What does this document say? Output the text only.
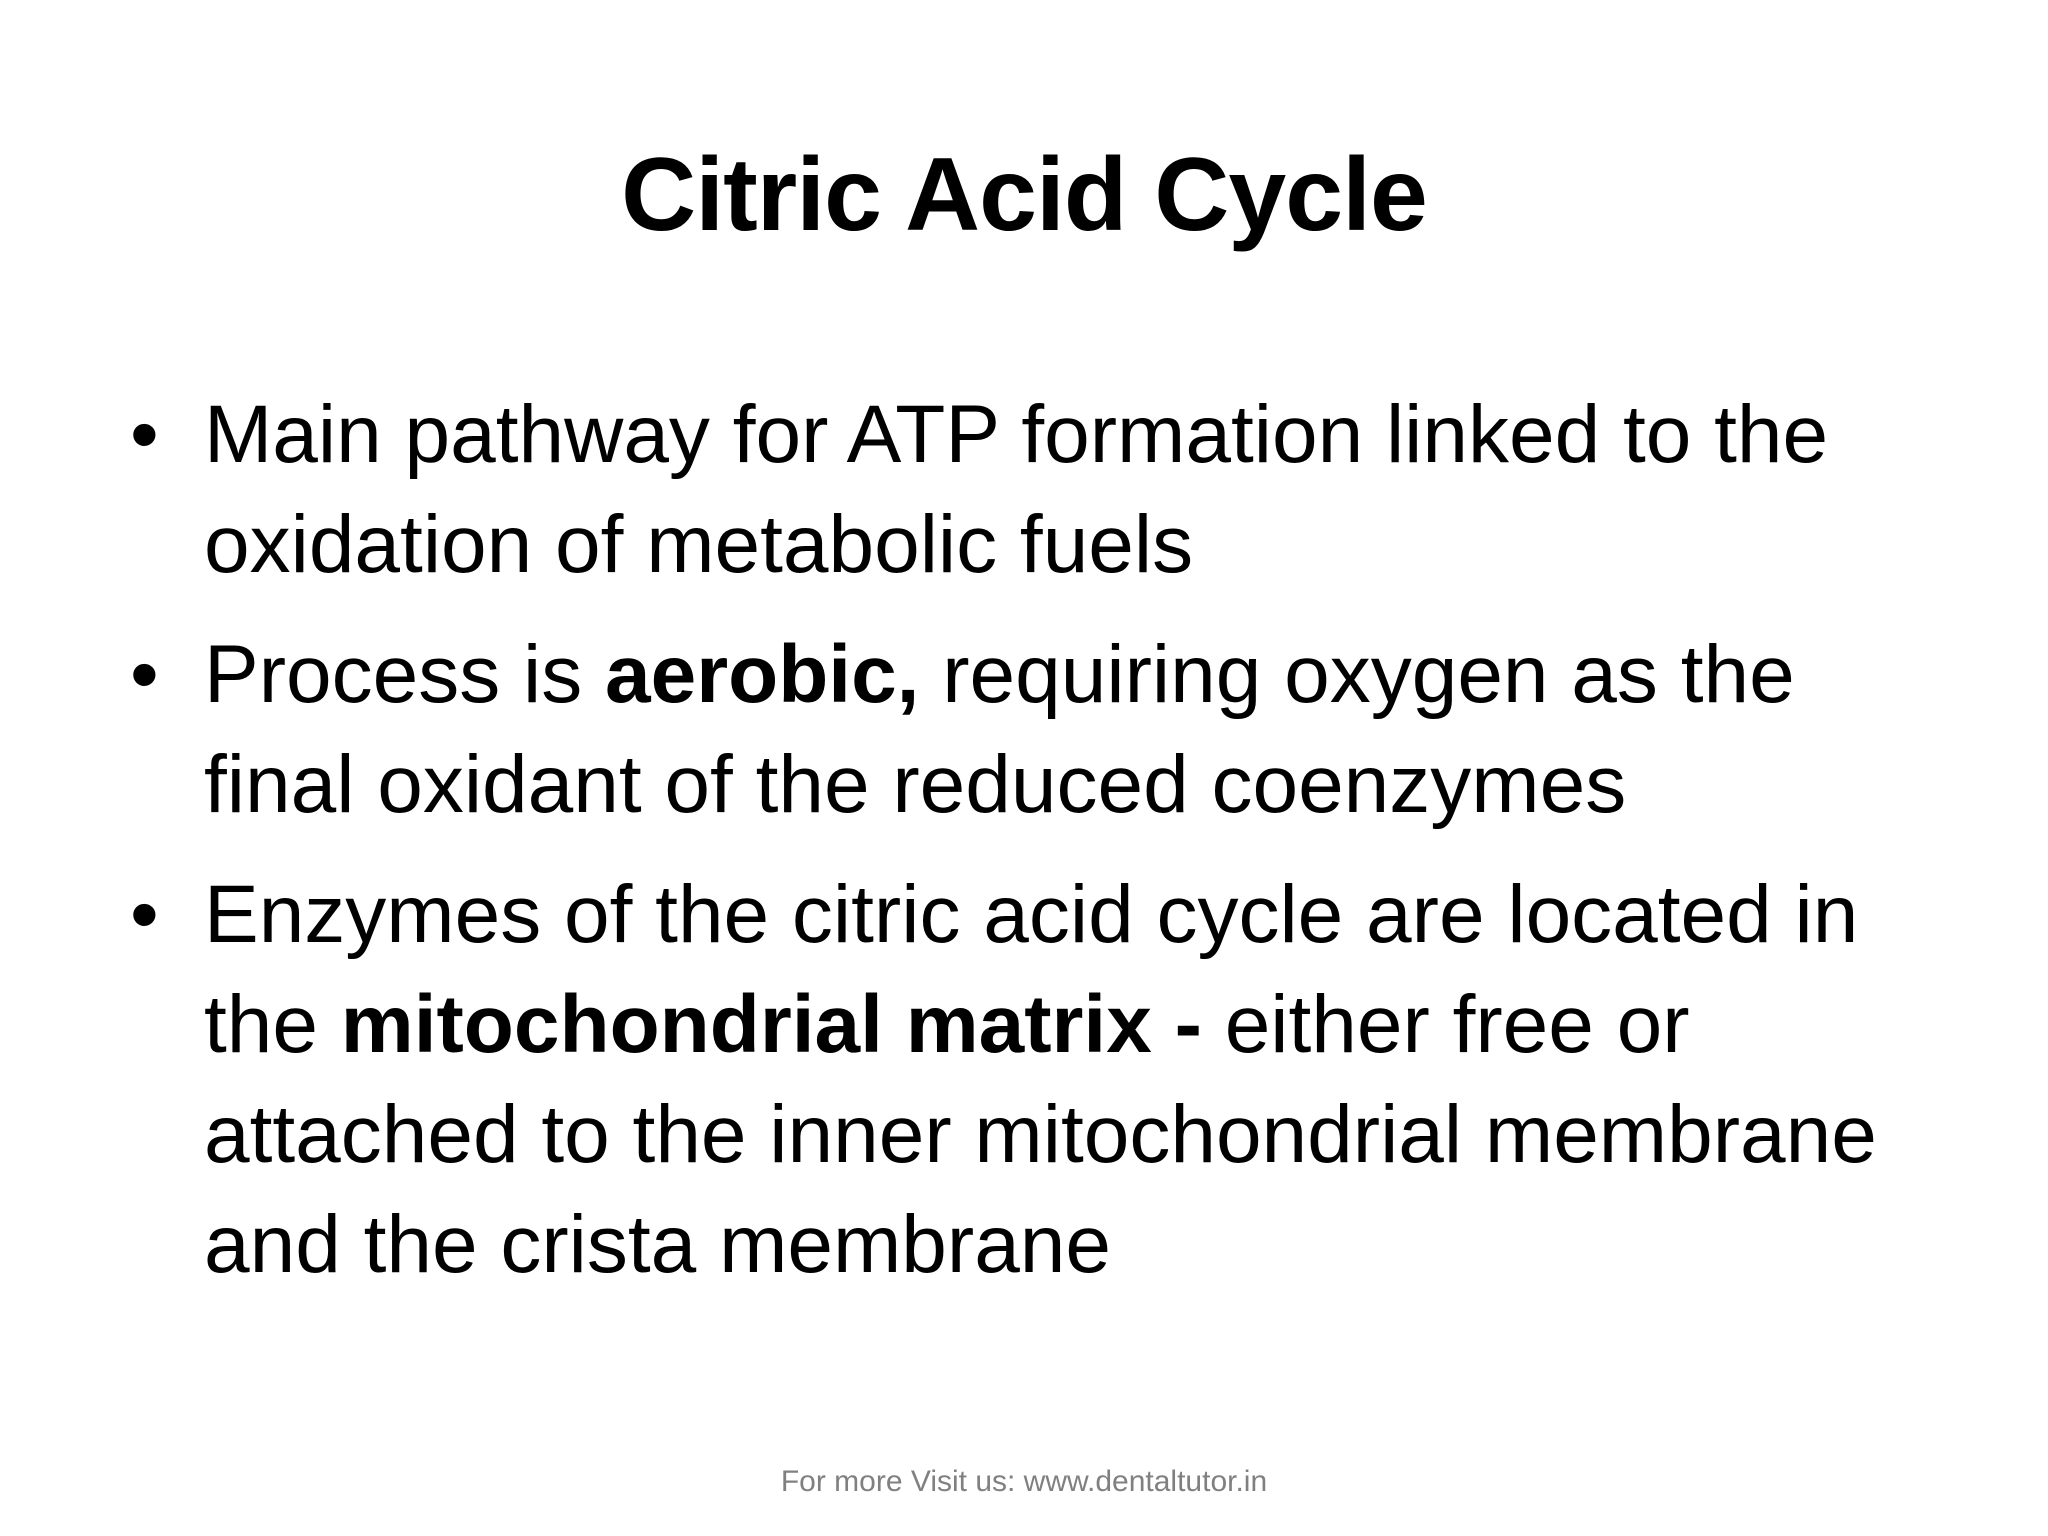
Citric Acid Cycle
• Main pathway for ATP formation linked to the oxidation of metabolic fuels
• Process is aerobic, requiring oxygen as the final oxidant of the reduced coenzymes
• Enzymes of the citric acid cycle are located in the mitochondrial matrix - either free or attached to the inner mitochondrial membrane and the crista membrane
For more Visit us: www.dentaltutor.in
